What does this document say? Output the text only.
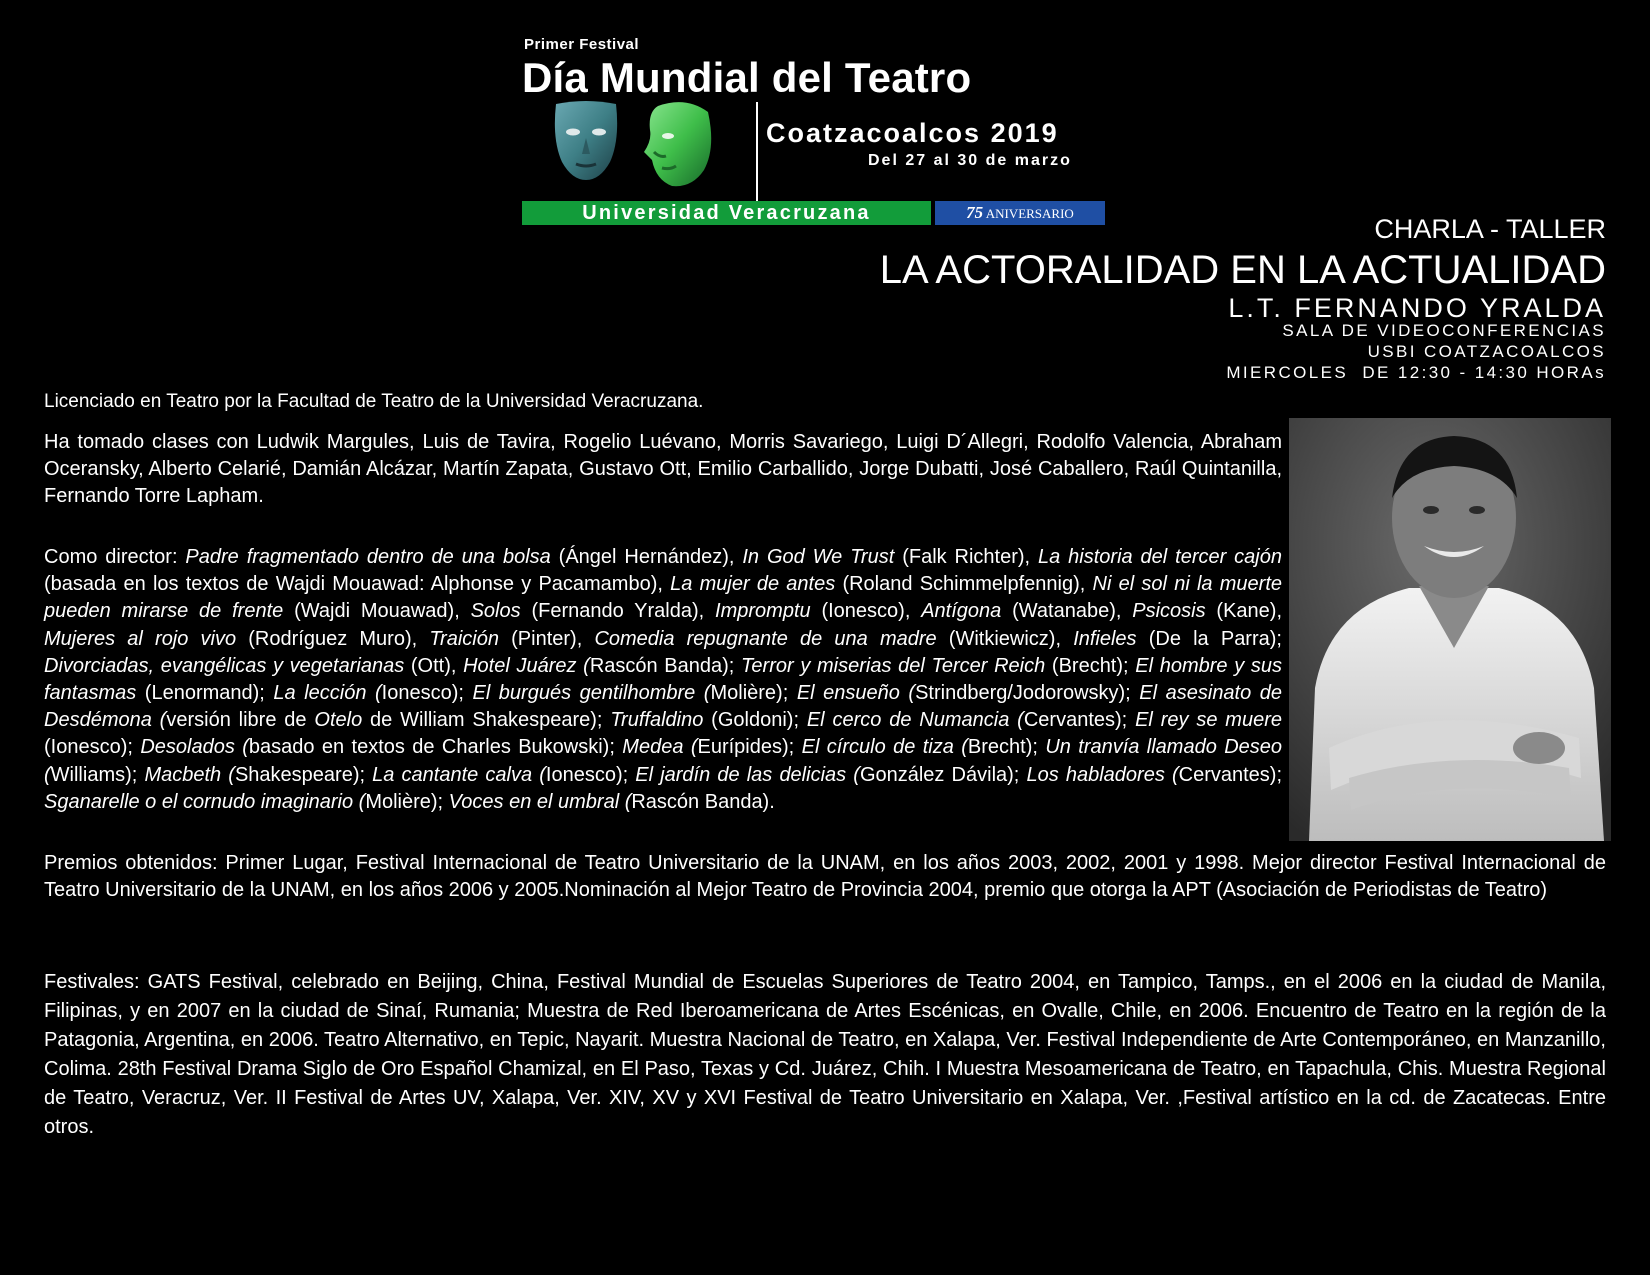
Primer Festival
Día Mundial del Teatro
Coatzacoalcos 2019
Del 27 al 30 de marzo
Universidad Veracruzana	75 ANIVERSARIO
CHARLA - TALLER
LA ACTORALIDAD EN LA ACTUALIDAD
L.T. FERNANDO YRALDA
SALA DE VIDEOCONFERENCIAS
USBI COATZACOALCOS
MIERCOLES  DE 12:30 - 14:30 HORAs
Licenciado en Teatro por la Facultad de Teatro de la Universidad Veracruzana.
Ha tomado clases con Ludwik Margules, Luis de Tavira, Rogelio Luévano, Morris Savariego, Luigi D´Allegri, Rodolfo Valencia, Abraham Oceransky, Alberto Celarié, Damián Alcázar, Martín Zapata, Gustavo Ott, Emilio Carballido, Jorge Dubatti, José Caballero, Raúl Quintanilla, Fernando Torre Lapham.
Como director: Padre fragmentado dentro de una bolsa (Ángel Hernández), In God We Trust (Falk Richter), La historia del tercer cajón (basada en los textos de Wajdi Mouawad: Alphonse y Pacamambo), La mujer de antes (Roland Schimmelpfennig), Ni el sol ni la muerte pueden mirarse de frente (Wajdi Mouawad), Solos (Fernando Yralda), Impromptu (Ionesco), Antígona (Watanabe), Psicosis (Kane), Mujeres al rojo vivo (Rodríguez Muro), Traición (Pinter), Comedia repugnante de una madre (Witkiewicz), Infieles (De la Parra); Divorciadas, evangélicas y vegetarianas (Ott), Hotel Juárez (Rascón Banda); Terror y miserias del Tercer Reich (Brecht); El hombre y sus fantasmas (Lenormand); La lección (Ionesco); El burgués gentilhombre (Molière); El ensueño (Strindberg/Jodorowsky); El asesinato de Desdémona (versión libre de Otelo de William Shakespeare); Truffaldino (Goldoni); El cerco de Numancia (Cervantes); El rey se muere (Ionesco); Desolados (basado en textos de Charles Bukowski); Medea (Eurípides); El círculo de tiza (Brecht); Un tranvía llamado Deseo (Williams); Macbeth (Shakespeare); La cantante calva (Ionesco); El jardín de las delicias (González Dávila); Los habladores (Cervantes); Sganarelle o el cornudo imaginario (Molière); Voces en el umbral (Rascón Banda).
Premios obtenidos: Primer Lugar, Festival Internacional de Teatro Universitario de la UNAM, en los años 2003, 2002, 2001 y 1998. Mejor director Festival Internacional de Teatro Universitario de la UNAM, en los años 2006 y 2005.Nominación al Mejor Teatro de Provincia 2004, premio que otorga la APT (Asociación de Periodistas de Teatro)
Festivales: GATS Festival, celebrado en Beijing, China, Festival Mundial de Escuelas Superiores de Teatro 2004, en Tampico, Tamps., en el 2006 en la ciudad de Manila, Filipinas, y en 2007 en la ciudad de Sinaí, Rumania; Muestra de Red Iberoamericana de Artes Escénicas, en Ovalle, Chile, en 2006. Encuentro de Teatro en la región de la Patagonia, Argentina, en 2006. Teatro Alternativo, en Tepic, Nayarit. Muestra Nacional de Teatro, en Xalapa, Ver. Festival Independiente de Arte Contemporáneo, en Manzanillo, Colima. 28th Festival Drama Siglo de Oro Español Chamizal, en El Paso, Texas y Cd. Juárez, Chih. I Muestra Mesoamericana de Teatro, en Tapachula, Chis. Muestra Regional de Teatro, Veracruz, Ver. II Festival de Artes UV, Xalapa, Ver. XIV, XV y XVI Festival de Teatro Universitario en Xalapa, Ver. ,Festival artístico en la cd. de Zacatecas. Entre otros.
